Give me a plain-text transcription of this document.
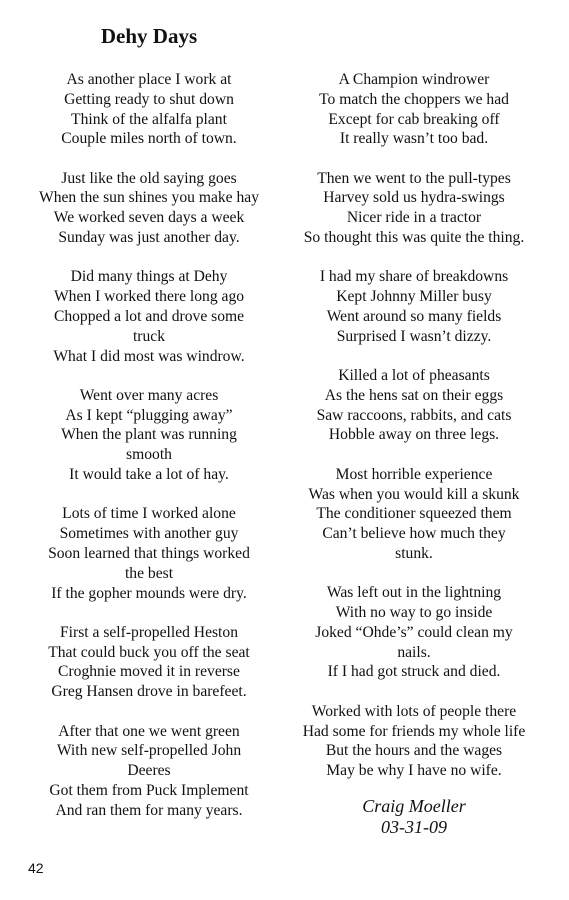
Dehy Days
As another place I work at
Getting ready to shut down
Think of the alfalfa plant
Couple miles north of town.
Just like the old saying goes
When the sun shines you make hay
We worked seven days a week
Sunday was just another day.
Did many things at Dehy
When I worked there long ago
Chopped a lot and drove some
truck
What I did most was windrow.
Went over many acres
As I kept “plugging away”
When the plant was running
smooth
It would take a lot of hay.
Lots of time I worked alone
Sometimes with another guy
Soon learned that things worked
the best
If the gopher mounds were dry.
First a self-propelled Heston
That could buck you off the seat
Croghnie moved it in reverse
Greg Hansen drove in barefeet.
After that one we went green
With new self-propelled John
Deeres
Got them from Puck Implement
And ran them for many years.
A Champion windrower
To match the choppers we had
Except for cab breaking off
It really wasn’t too bad.
Then we went to the pull-types
Harvey sold us hydra-swings
Nicer ride in a tractor
So thought this was quite the thing.
I had my share of breakdowns
Kept Johnny Miller busy
Went around so many fields
Surprised I wasn’t dizzy.
Killed a lot of pheasants
As the hens sat on their eggs
Saw raccoons, rabbits, and cats
Hobble away on three legs.
Most horrible experience
Was when you would kill a skunk
The conditioner squeezed them
Can’t believe how much they
stunk.
Was left out in the lightning
With no way to go inside
Joked “Ohde’s” could clean my
nails.
If I had got struck and died.
Worked with lots of people there
Had some for friends my whole life
But the hours and the wages
May be why I have no wife.
Craig Moeller
03-31-09
42
